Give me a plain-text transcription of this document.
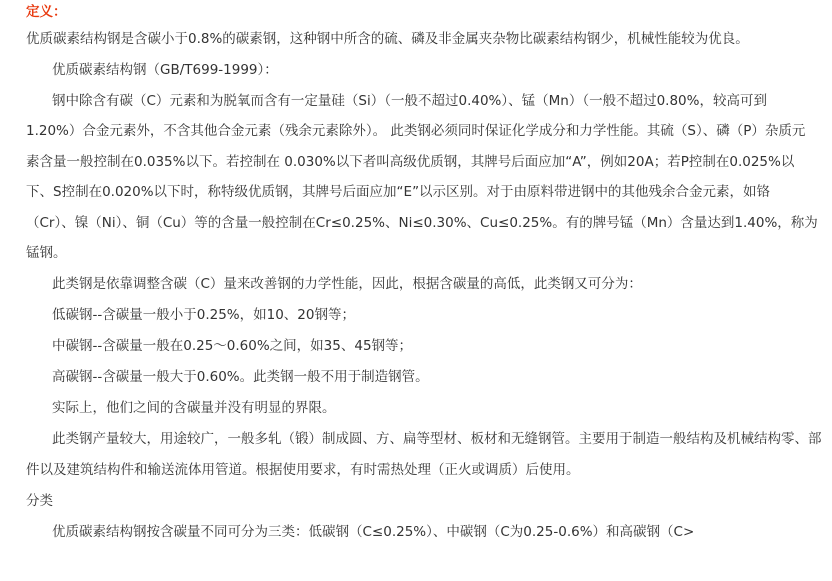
定义：
优质碳素结构钢是含碳小于0.8%的碳素钢，这种钢中所含的硫、磷及非金属夹杂物比碳素结构钢少，机械性能较为优良。
优质碳素结构钢（GB/T699-1999）：
钢中除含有碳（C）元素和为脱氧而含有一定量硅（Si）（一般不超过0.40%）、锰（Mn）（一般不超过0.80%，较高可到
1.20%）合金元素外，不含其他合金元素（残余元素除外）。 此类钢必须同时保证化学成分和力学性能。其硫（S）、磷（P）杂质元
素含量一般控制在0.035%以下。若控制在 0.030%以下者叫高级优质钢，其牌号后面应加“A”，例如20A；若P控制在0.025%以
下、S控制在0.020%以下时，称特级优质钢，其牌号后面应加“E”以示区别。对于由原料带进钢中的其他残余合金元素，如铬
（Cr）、镍（Ni）、铜（Cu）等的含量一般控制在Cr≤0.25%、Ni≤0.30%、Cu≤0.25%。有的牌号锰（Mn）含量达到1.40%，称为
锰钢。
此类钢是依靠调整含碳（C）量来改善钢的力学性能，因此，根据含碳量的高低，此类钢又可分为：
低碳钢--含碳量一般小于0.25%，如10、20钢等；
中碳钢--含碳量一般在0.25～0.60%之间，如35、45钢等；
高碳钢--含碳量一般大于0.60%。此类钢一般不用于制造钢管。
实际上，他们之间的含碳量并没有明显的界限。
此类钢产量较大，用途较广，一般多轧（锻）制成圆、方、扁等型材、板材和无缝钢管。主要用于制造一般结构及机械结构零、部
件以及建筑结构件和输送流体用管道。根据使用要求，有时需热处理（正火或调质）后使用。
分类
优质碳素结构钢按含碳量不同可分为三类：低碳钢（C≤0.25%）、中碳钢（C为0.25-0.6%）和高碳钢（C>
